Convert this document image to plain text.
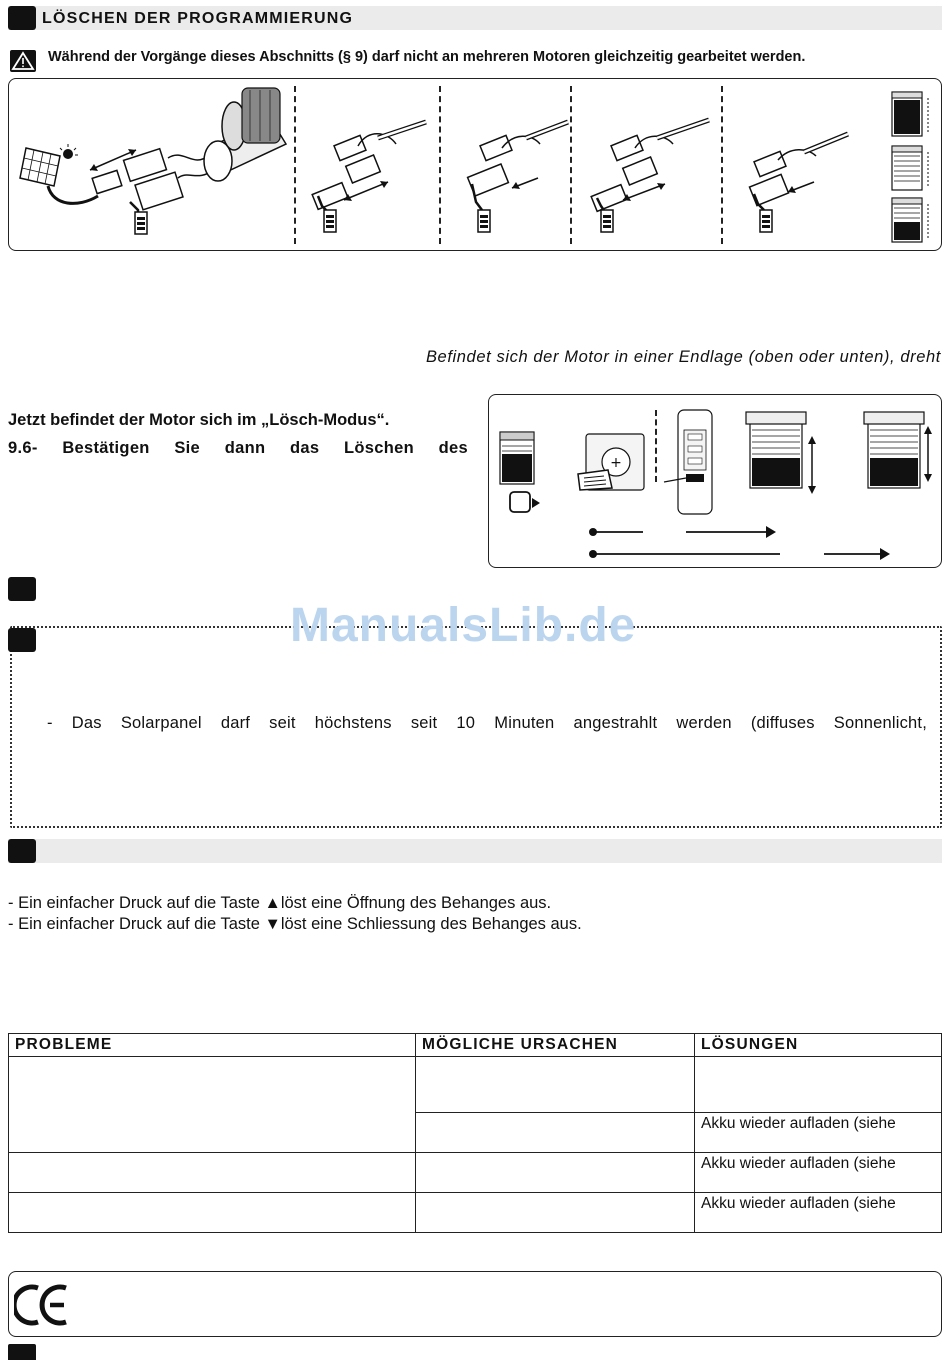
LÖSCHEN DER PROGRAMMIERUNG
Während der Vorgänge dieses Abschnitts (§ 9) darf nicht an mehreren Motoren gleichzeitig gearbeitet werden.
Befindet sich der Motor in einer Endlage (oben oder unten), dreht
Jetzt befindet der Motor sich im „Lösch-Modus“.
9.6- Bestätigen Sie dann das Löschen des
+
- Das Solarpanel darf seit höchstens seit 10 Minuten angestrahlt werden (diffuses Sonnenlicht,
ManualsLib.de
- Ein einfacher Druck auf die Taste ▲löst eine Öffnung des Behanges aus.
- Ein einfacher Druck auf die Taste ▼löst eine Schliessung des Behanges aus.
PROBLEME	MÖGLICHE URSACHEN	LÖSUNGEN

		Akku wieder aufladen (siehe
		Akku wieder aufladen (siehe
		Akku wieder aufladen (siehe
